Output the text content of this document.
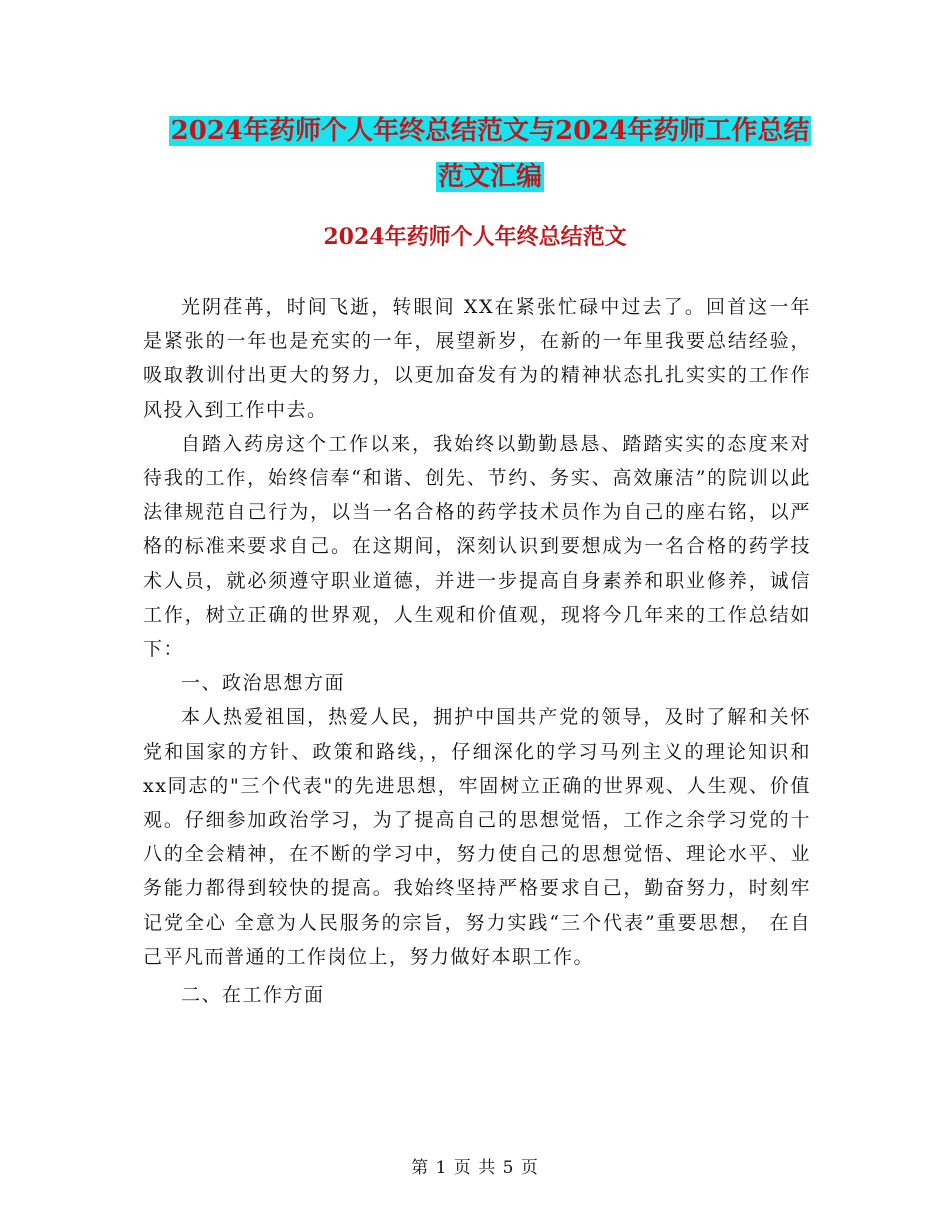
2024年药师个人年终总结范文与2024年药师工作总结
范文汇编
2024年药师个人年终总结范文

光阴荏苒，时间飞逝，转眼间 XX在紧张忙碌中过去了。回首这一年是紧张的一年也是充实的一年，展望新岁，在新的一年里我要总结经验，吸取教训付出更大的努力，以更加奋发有为的精神状态扎扎实实的工作作风投入到工作中去。

自踏入药房这个工作以来，我始终以勤勤恳恳、踏踏实实的态度来对待我的工作，始终信奉“和谐、创先、节约、务实、高效廉洁”的院训以此法律规范自己行为，以当一名合格的药学技术员作为自己的座右铭，以严格的标准来要求自己。在这期间，深刻认识到要想成为一名合格的药学技术人员，就必须遵守职业道德，并进一步提高自身素养和职业修养，诚信工作，树立正确的世界观，人生观和价值观，现将今几年来的工作总结如下：

一、政治思想方面

本人热爱祖国，热爱人民，拥护中国共产党的领导，及时了解和关怀党和国家的方针、政策和路线，，仔细深化的学习马列主义的理论知识和xx同志的"三个代表"的先进思想，牢固树立正确的世界观、人生观、价值观。仔细参加政治学习，为了提高自己的思想觉悟，工作之余学习党的十八的全会精神，在不断的学习中，努力使自己的思想觉悟、理论水平、业务能力都得到较快的提高。我始终坚持严格要求自己，勤奋努力，时刻牢记党全心 全意为人民服务的宗旨，努力实践“三个代表”重要思想， 在自己平凡而普通的工作岗位上，努力做好本职工作。

二、在工作方面

第 1 页 共 5 页
